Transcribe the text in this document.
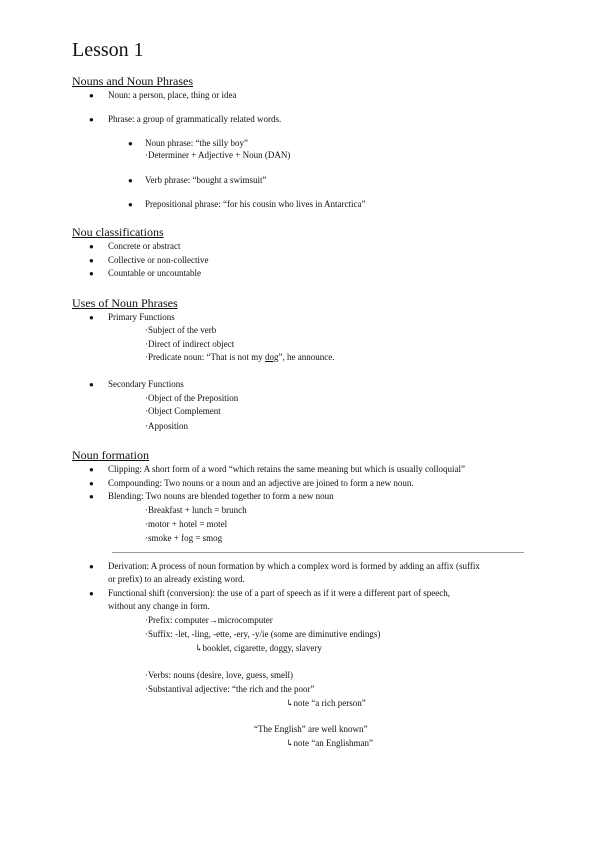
Lesson 1
Nouns and Noun Phrases
● Noun: a person, place, thing or idea
● Phrase: a group of grammatically related words.
● Noun phrase: “the silly boy”
·Determiner + Adjective + Noun (DAN)
● Verb phrase: “bought a swimsuit”
● Prepositional phrase: “for his cousin who lives in Antarctica”
Nou classifications
● Concrete or abstract
● Collective or non-collective
● Countable or uncountable
Uses of Noun Phrases
● Primary Functions
·Subject of the verb
·Direct of indirect object
·Predicate noun: “That is not my dog”, he announce.
● Secondary Functions
·Object of the Preposition
·Object Complement
·Apposition
Noun formation
● Clipping: A short form of a word “which retains the same meaning but which is usually colloquial”
● Compounding: Two nouns or a noun and an adjective are joined to form a new noun.
● Blending: Two nouns are blended together to form a new noun
·Breakfast + lunch = brunch
·motor + hotel = motel
·smoke + fog = smog
● Derivation: A process of noun formation by which a complex word is formed by adding an affix (suffix
or prefix) to an already existing word.
● Functional shift (conversion): the use of a part of speech as if it were a different part of speech,
without any change in form.
·Prefix: computer→microcomputer
·Suffix: -let, -ling, -ette, -ery, -y/ie (some are diminutive endings)
↳booklet, cigarette, doggy, slavery
·Verbs: nouns (desire, love, guess, smell)
·Substantival adjective: “the rich and the poor”
↳note “a rich person”
“The English” are well known”
↳note “an Englishman”
